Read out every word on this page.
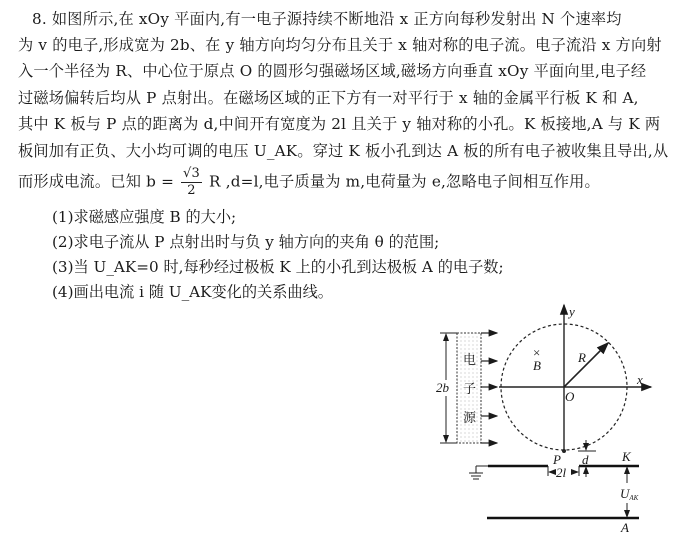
8. 如图所示,在 xOy 平面内,有一电子源持续不断地沿 x 正方向每秒发射出 N 个速率均
为 v 的电子,形成宽为 2b、在 y 轴方向均匀分布且关于 x 轴对称的电子流。电子流沿 x 方向射
入一个半径为 R、中心位于原点 O 的圆形匀强磁场区域,磁场方向垂直 xOy 平面向里,电子经
过磁场偏转后均从 P 点射出。在磁场区域的正下方有一对平行于 x 轴的金属平行板 K 和 A,
其中 K 板与 P 点的距离为 d,中间开有宽度为 2l 且关于 y 轴对称的小孔。K 板接地,A 与 K 两
板间加有正负、大小均可调的电压 U_AK。穿过 K 板小孔到达 A 板的所有电子被收集且导出,从
而形成电流。已知 $b = \frac{√3}{2}$ R ,d=l,电子质量为 m,电荷量为 e,忽略电子间相互作用。
(1)求磁感应强度 B 的大小;
(2)求电子流从 P 点射出时与负 y 轴方向的夹角 θ 的范围;
(3)当 U_AK=0 时,每秒经过极板 K 上的小孔到达极板 A 的电子数;
(4)画出电流 i 随 U_AK变化的关系曲线。
y
x
O
R
×
B
电
子
源
2b
P
2l
d	K
UAK
A
